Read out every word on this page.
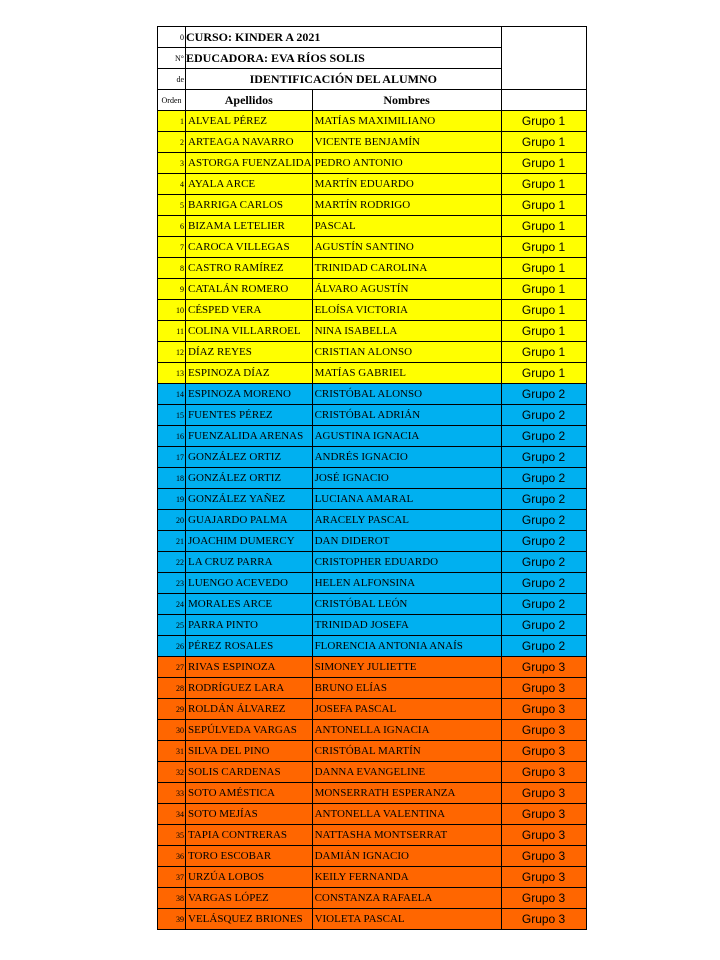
0	CURSO: KINDER A 2021		
N°	EDUCADORA: EVA RÍOS SOLIS		
de	IDENTIFICACIÓN DEL ALUMNO		
Orden	Apellidos	Nombres	
1	ALVEAL PÉREZ	MATÍAS MAXIMILIANO	Grupo 1
2	ARTEAGA NAVARRO	VICENTE BENJAMÍN	Grupo 1
3	ASTORGA FUENZALIDA	PEDRO ANTONIO	Grupo 1
4	AYALA ARCE	MARTÍN EDUARDO	Grupo 1
5	BARRIGA CARLOS	MARTÍN RODRIGO	Grupo 1
6	BIZAMA LETELIER	PASCAL	Grupo 1
7	CAROCA VILLEGAS	AGUSTÍN SANTINO	Grupo 1
8	CASTRO RAMÍREZ	TRINIDAD CAROLINA	Grupo 1
9	CATALÁN ROMERO	ÁLVARO AGUSTÍN	Grupo 1
10	CÉSPED VERA	ELOÍSA VICTORIA	Grupo 1
11	COLINA VILLARROEL	NINA ISABELLA	Grupo 1
12	DÍAZ REYES	CRISTIAN ALONSO	Grupo 1
13	ESPINOZA DÍAZ	MATÍAS GABRIEL	Grupo 1
14	ESPINOZA MORENO	CRISTÓBAL ALONSO	Grupo 2
15	FUENTES PÉREZ	CRISTÓBAL ADRIÁN	Grupo 2
16	FUENZALIDA ARENAS	AGUSTINA IGNACIA	Grupo 2
17	GONZÁLEZ ORTIZ	ANDRÉS IGNACIO	Grupo 2
18	GONZÁLEZ ORTIZ	JOSÉ IGNACIO	Grupo 2
19	GONZÁLEZ YAÑEZ	LUCIANA AMARAL	Grupo 2
20	GUAJARDO PALMA	ARACELY PASCAL	Grupo 2
21	JOACHIM DUMERCY	DAN DIDEROT	Grupo 2
22	LA CRUZ PARRA	CRISTOPHER EDUARDO	Grupo 2
23	LUENGO ACEVEDO	HELEN ALFONSINA	Grupo 2
24	MORALES ARCE	CRISTÓBAL LEÓN	Grupo 2
25	PARRA PINTO	TRINIDAD JOSEFA	Grupo 2
26	PÉREZ ROSALES	FLORENCIA ANTONIA ANAÍS	Grupo 2
27	RIVAS ESPINOZA	SIMONEY JULIETTE	Grupo 3
28	RODRÍGUEZ LARA	BRUNO ELÍAS	Grupo 3
29	ROLDÁN ÁLVAREZ	JOSEFA PASCAL	Grupo 3
30	SEPÚLVEDA VARGAS	ANTONELLA IGNACIA	Grupo 3
31	SILVA DEL PINO	CRISTÓBAL MARTÍN	Grupo 3
32	SOLIS CARDENAS	DANNA EVANGELINE	Grupo 3
33	SOTO AMÉSTICA	MONSERRATH ESPERANZA	Grupo 3
34	SOTO MEJÍAS	ANTONELLA VALENTINA	Grupo 3
35	TAPIA CONTRERAS	NATTASHA MONTSERRAT	Grupo 3
36	TORO ESCOBAR	DAMIÁN IGNACIO	Grupo 3
37	URZÚA LOBOS	KEILY FERNANDA	Grupo 3
38	VARGAS LÓPEZ	CONSTANZA RAFAELA	Grupo 3
39	VELÁSQUEZ BRIONES	VIOLETA PASCAL	Grupo 3
